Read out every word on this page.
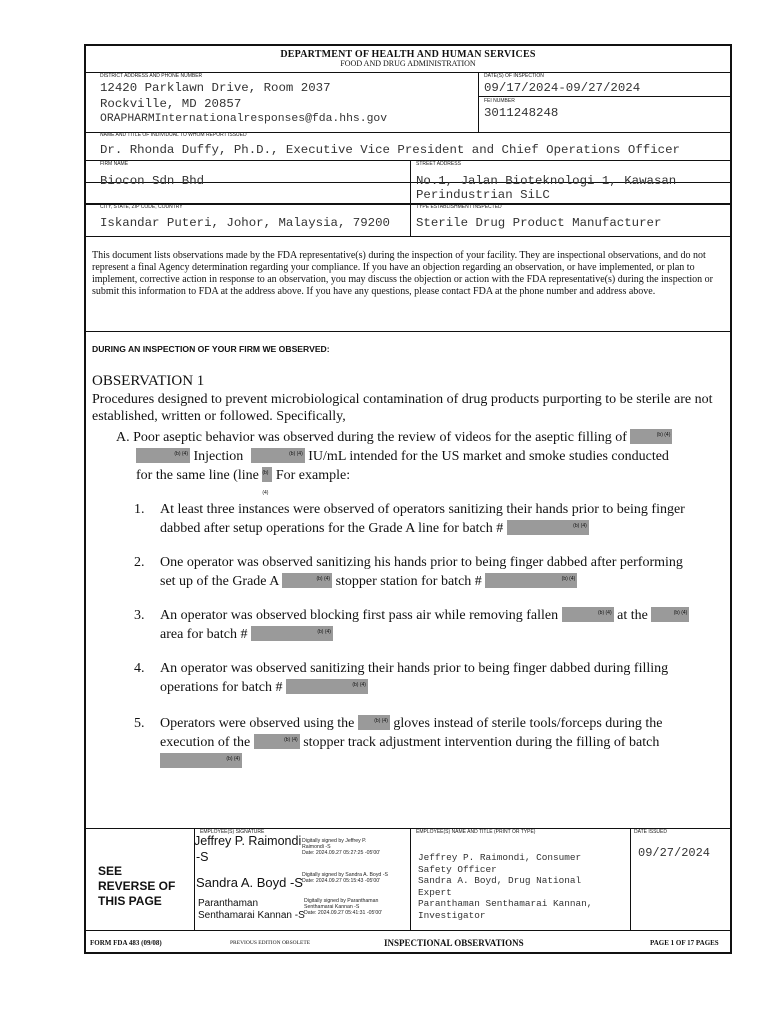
DEPARTMENT OF HEALTH AND HUMAN SERVICES
FOOD AND DRUG ADMINISTRATION
DISTRICT ADDRESS AND PHONE NUMBER
12420 Parklawn Drive, Room 2037
Rockville, MD 20857
ORAPHARMInternationalresponses@fda.hhs.gov
DATE(S) OF INSPECTION
09/17/2024-09/27/2024
FEI NUMBER
3011248248
NAME AND TITLE OF INDIVIDUAL TO WHOM REPORT ISSUED
Dr. Rhonda Duffy, Ph.D., Executive Vice President and Chief Operations Officer
FIRM NAME
Biocon Sdn Bhd
STREET ADDRESS
No.1, Jalan Bioteknologi 1, Kawasan
Perindustrian SiLC
CITY, STATE, ZIP CODE, COUNTRY
Iskandar Puteri, Johor, Malaysia, 79200
TYPE ESTABLISHMENT INSPECTED
Sterile Drug Product Manufacturer
This document lists observations made by the FDA representative(s) during the inspection of your facility. They are inspectional observations, and do not represent a final Agency determination regarding your compliance. If you have an objection regarding an observation, or have implemented, or plan to implement, corrective action in response to an observation, you may discuss the objection or action with the FDA representative(s) during the inspection or submit this information to FDA at the address above. If you have any questions, please contact FDA at the phone number and address above.
DURING AN INSPECTION OF YOUR FIRM WE OBSERVED:
OBSERVATION 1
Procedures designed to prevent microbiological contamination of drug products purporting to be sterile are not established, written or followed. Specifically,
A. Poor aseptic behavior was observed during the review of videos for the aseptic filling of	(b) (4)
(b) (4) Injection	(b) (4) IU/mL intended for the US market and smoke studies conducted
for the same line (line (b) (4)
For example:
1. At least three instances were observed of operators sanitizing their hands prior to being finger
dabbed after setup operations for the Grade A line for batch #	(b) (4)
2. One operator was observed sanitizing his hands prior to being finger dabbed after performing
set up of the Grade A	(b) (4) stopper station for batch #	(b) (4)
3. An operator was observed blocking first pass air while removing fallen	(b) (4) at the	(b) (4)
area for batch #	(b) (4)
4. An operator was observed sanitizing their hands prior to being finger dabbed during filling
operations for batch #	(b) (4)
5. Operators were observed using the	(b) (4) gloves instead of sterile tools/forceps during the
execution of the	(b) (4) stopper track adjustment intervention during the filling of batch
(b) (4)
SEE
REVERSE OF
THIS PAGE
EMPLOYEE(S) SIGNATURE	EMPLOYEE(S) NAME AND TITLE (PRINT OR TYPE)	DATE ISSUED
Jeffrey P. Raimondi
-S
Digitally signed by Jeffrey P.
Raimondi -S
Date: 2024.09.27 05:27:25 -05'00'
Sandra A. Boyd -S Digitally signed by Sandra A. Boyd -S
Date: 2024.09.27 05:15:43 -05'00'
Paranthaman
Senthamarai Kannan -S
Digitally signed by Paranthaman
Senthamarai Kannan -S
Date: 2024.09.27 05:41:31 -05'00'
Jeffrey P. Raimondi, Consumer
Safety Officer
Sandra A. Boyd, Drug National
Expert
Paranthaman Senthamarai Kannan,
Investigator
09/27/2024
FORM FDA 483 (09/08)	PREVIOUS EDITION OBSOLETE	INSPECTIONAL OBSERVATIONS	PAGE 1 OF 17 PAGES
